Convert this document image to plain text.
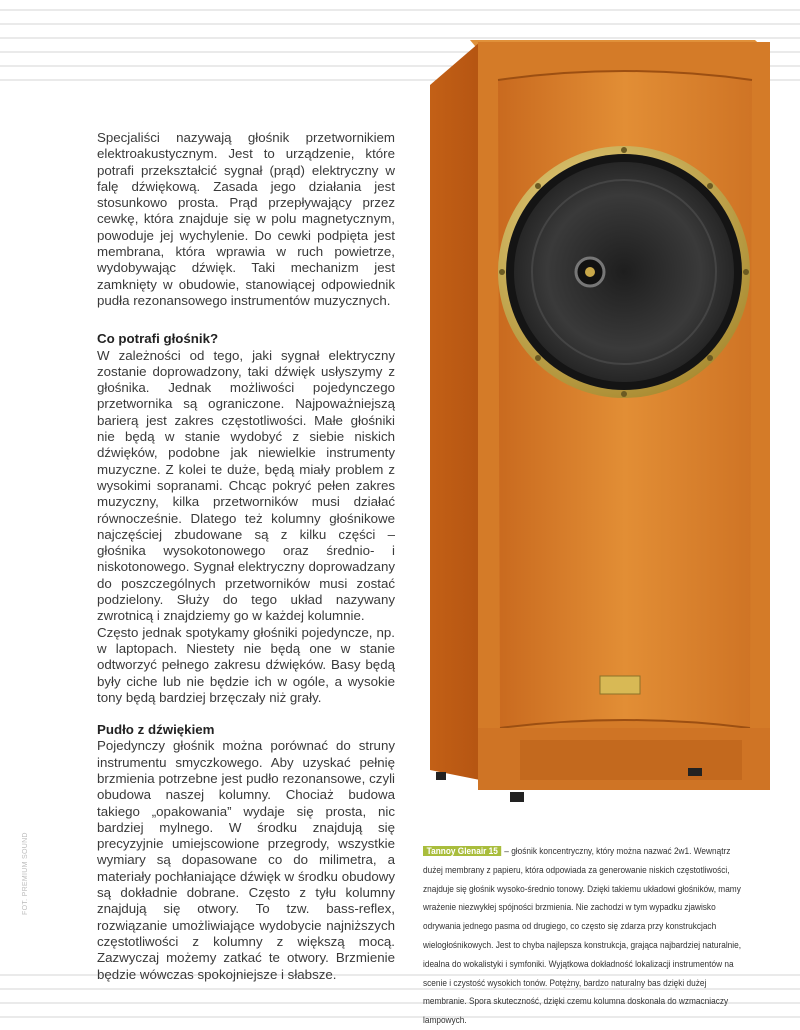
Specjaliści nazywają głośnik przetwornikiem elektroakustycznym. Jest to urządzenie, które potrafi przekształcić sygnał (prąd) elektryczny w falę dźwiękową. Zasada jego działania jest stosunkowo prosta. Prąd przepływający przez cewkę, która znajduje się w polu magnetycznym, powoduje jej wychylenie. Do cewki podpięta jest membrana, która wprawia w ruch powietrze, wydobywając dźwięk. Taki mechanizm jest zamknięty w obudowie, stanowiącej odpowiednik pudła rezonansowego instrumentów muzycznych.

Co potrafi głośnik?

W zależności od tego, jaki sygnał elektryczny zostanie doprowadzony, taki dźwięk usłyszymy z głośnika. Jednak możliwości pojedynczego przetwornika są ograniczone. Najpoważniejszą barierą jest zakres częstotliwości. Małe głośniki nie będą w stanie wydobyć z siebie niskich dźwięków, podobne jak niewielkie instrumenty muzyczne. Z kolei te duże, będą miały problem z wysokimi sopranami. Chcąc pokryć pełen zakres muzyczny, kilka przetworników musi działać równocześnie. Dlatego też kolumny głośnikowe najczęściej zbudowane są z kilku części – głośnika wysokotonowego oraz średnio- i niskotonowego. Sygnał elektryczny doprowadzany do poszczególnych przetworników musi zostać podzielony. Służy do tego układ nazywany zwrotnicą i znajdziemy go w każdej kolumnie.

Często jednak spotykamy głośniki pojedyncze, np. w laptopach. Niestety nie będą one w stanie odtworzyć pełnego zakresu dźwięków. Basy będą były ciche lub nie będzie ich w ogóle, a wysokie tony będą bardziej brzęczały niż grały.

Pudło z dźwiękiem

Pojedynczy głośnik można porównać do struny instrumentu smyczkowego. Aby uzyskać pełnię brzmienia potrzebne jest pudło rezonansowe, czyli obudowa naszej kolumny. Chociaż budowa takiego „opakowania” wydaje się prosta, nic bardziej mylnego. W środku znajdują się precyzyjnie umiejscowione przegrody, wszystkie wymiary są dopasowane co do milimetra, a materiały pochłaniające dźwięk w środku obudowy są dokładnie dobrane. Często z tyłu kolumny znajdują się otwory. To tzw. bass-reflex, rozwiązanie umożliwiające wydobycie najniższych częstotliwości z kolumny z większą mocą. Zazwyczaj możemy zatkać te otwory. Brzmienie będzie wówczas spokojniejsze i słabsze.

FOT. PREMIUM SOUND	Tannoy Glenair 15 – głośnik koncentryczny, który można nazwać 2w1. Wewnątrz dużej membrany z papieru, która odpowiada za generowanie niskich częstotliwości, znajduje się głośnik wysoko-średnio tonowy. Dzięki takiemu układowi głośników, mamy wrażenie niezwykłej spójności brzmienia. Nie zachodzi w tym wypadku zjawisko odrywania jednego pasma od drugiego, co często się zdarza przy konstrukcjach wielogłośnikowych. Jest to chyba najlepsza konstrukcja, grająca najbardziej naturalnie, idealna do wokalistyki i symfoniki. Wyjątkowa dokładność lokalizacji instrumentów na scenie i czystość wysokich tonów. Potężny, bardzo naturalny bas dzięki dużej membranie. Spora skuteczność, dzięki czemu kolumna doskonała do wzmacniaczy lampowych.
